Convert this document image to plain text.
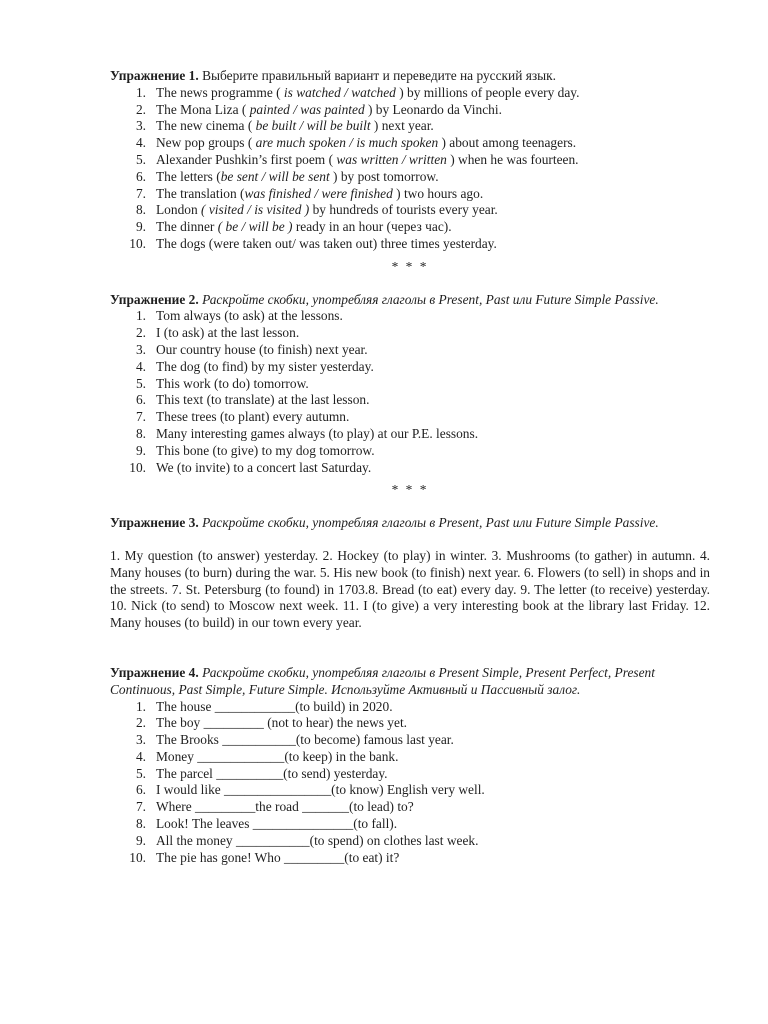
Упражнение 1. Выберите правильный вариант и переведите на русский язык.

1. The news programme ( is watched / watched ) by millions of people every day.
2. The Mona Liza ( painted / was painted ) by Leonardo da Vinchi.
3. The new cinema ( be built / will be built ) next year.
4. New pop groups ( are much spoken / is much spoken ) about among teenagers.
5. Alexander Pushkin’s first poem ( was written / written ) when he was fourteen.
6. The letters (be sent / will be sent ) by post tomorrow.
7. The translation (was finished / were finished ) two hours ago.
8. London ( visited / is visited ) by hundreds of tourists every year.
9. The dinner ( be / will be ) ready in an hour (через час).
10. The dogs (were taken out/ was taken out) three times yesterday.
* * *

Упражнение 2. Раскройте скобки, употребляя глаголы в Present, Past или Future Simple Passive.

1. Tom always (to ask) at the lessons.
2. I (to ask) at the last lesson.
3. Our country house (to finish) next year.
4. The dog (to find) by my sister yesterday.
5. This work (to do) tomorrow.
6. This text (to translate) at the last lesson.
7. These trees (to plant) every autumn.
8. Many interesting games always (to play) at our P.E. lessons.
9. This bone (to give) to my dog tomorrow.
10. We (to invite) to a concert last Saturday.
* * *

Упражнение 3. Раскройте скобки, употребляя глаголы в Present, Past или Future Simple Passive.

1. My question (to answer) yesterday. 2. Hockey (to play) in winter. 3. Mushrooms (to gather) in autumn. 4. Many houses (to burn) during the war. 5. His new book (to finish) next year. 6. Flowers (to sell) in shops and in the streets. 7. St. Petersburg (to found) in 1703.8. Bread (to eat) every day. 9. The letter (to receive) yesterday. 10. Nick (to send) to Moscow next week. 11. I (to give) a very interesting book at the library last Friday. 12. Many houses (to build) in our town every year.

Упражнение 4. Раскройте скобки, употребляя глаголы в Present Simple, Present Perfect, Present Continuous, Past Simple, Future Simple. Используйте Активный и Пассивный залог.

1. The house ____________(to build) in 2020.
2. The boy _________ (not to hear) the news yet.
3. The Brooks ___________(to become) famous last year.
4. Money _____________(to keep) in the bank.
5. The parcel __________(to send) yesterday.
6. I would like ________________(to know) English very well.
7. Where _________the road _______(to lead) to?
8. Look! The leaves _______________(to fall).
9. All the money ___________(to spend) on clothes last week.
10. The pie has gone! Who _________(to eat) it?
